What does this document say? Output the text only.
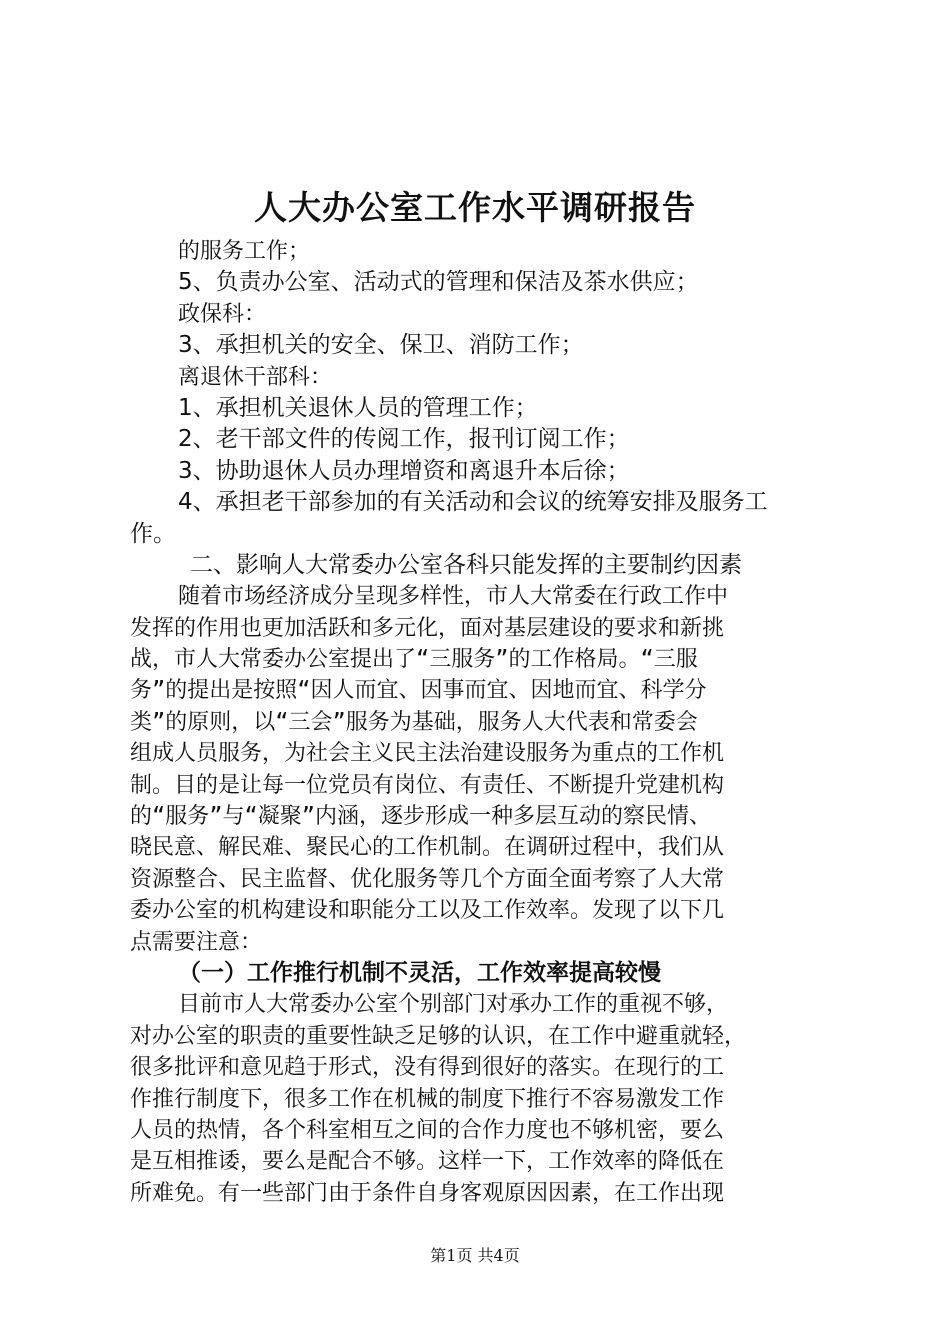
人大办公室工作水平调研报告
的服务工作；
5、负责办公室、活动式的管理和保洁及茶水供应；
政保科：
3、承担机关的安全、保卫、消防工作；
离退休干部科：
1、承担机关退休人员的管理工作；
2、老干部文件的传阅工作，报刊订阅工作；
3、协助退休人员办理增资和离退升本后徐；
4、承担老干部参加的有关活动和会议的统筹安排及服务工
作。
二、影响人大常委办公室各科只能发挥的主要制约因素
随着市场经济成分呈现多样性，市人大常委在行政工作中
发挥的作用也更加活跃和多元化，面对基层建设的要求和新挑
战，市人大常委办公室提出了“三服务”的工作格局。“三服
务”的提出是按照“因人而宜、因事而宜、因地而宜、科学分
类”的原则，以“三会”服务为基础，服务人大代表和常委会
组成人员服务，为社会主义民主法治建设服务为重点的工作机
制。目的是让每一位党员有岗位、有责任、不断提升党建机构
的“服务”与“凝聚”内涵，逐步形成一种多层互动的察民情、
晓民意、解民难、聚民心的工作机制。在调研过程中，我们从
资源整合、民主监督、优化服务等几个方面全面考察了人大常
委办公室的机构建设和职能分工以及工作效率。发现了以下几
点需要注意：
（一）工作推行机制不灵活，工作效率提高较慢
目前市人大常委办公室个别部门对承办工作的重视不够，
对办公室的职责的重要性缺乏足够的认识，在工作中避重就轻，
很多批评和意见趋于形式，没有得到很好的落实。在现行的工
作推行制度下，很多工作在机械的制度下推行不容易激发工作
人员的热情，各个科室相互之间的合作力度也不够机密，要么
是互相推诿，要么是配合不够。这样一下，工作效率的降低在
所难免。有一些部门由于条件自身客观原因因素，在工作出现
第1页 共4页
